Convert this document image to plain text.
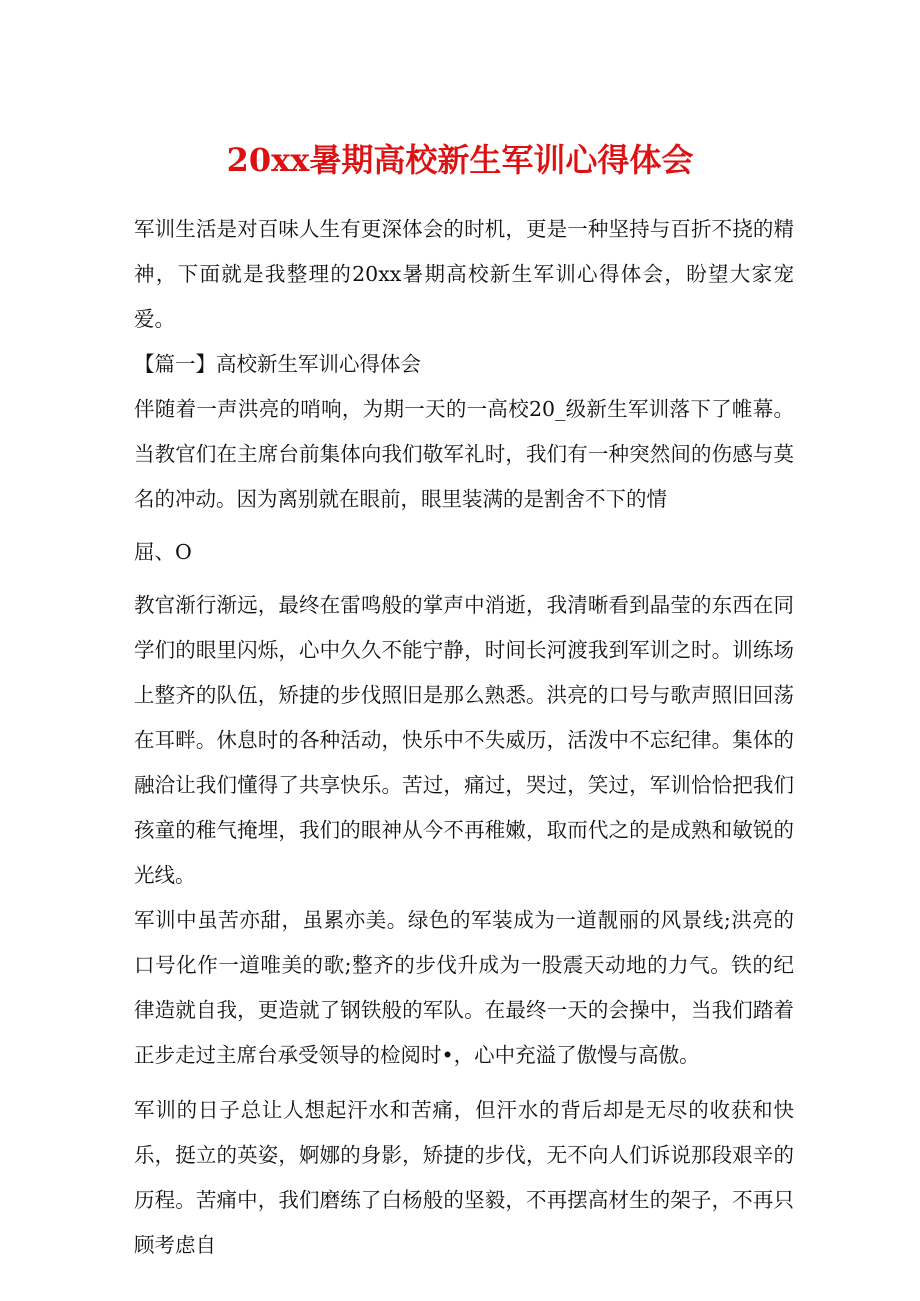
20xx暑期高校新生军训心得体会

军训生活是对百味人生有更深体会的时机，更是一种坚持与百折不挠的精神，下面就是我整理的20xx暑期高校新生军训心得体会，盼望大家宠爱。

【篇一】高校新生军训心得体会

伴随着一声洪亮的哨响，为期一天的一高校20_级新生军训落下了帷幕。当教官们在主席台前集体向我们敬军礼时，我们有一种突然间的伤感与莫名的冲动。因为离别就在眼前，眼里装满的是割舍不下的情

屈、O

教官渐行渐远，最终在雷鸣般的掌声中消逝，我清晰看到晶莹的东西在同学们的眼里闪烁，心中久久不能宁静，时间长河渡我到军训之时。训练场上整齐的队伍，矫捷的步伐照旧是那么熟悉。洪亮的口号与歌声照旧回荡在耳畔。休息时的各种活动，快乐中不失威历，活泼中不忘纪律。集体的融洽让我们懂得了共享快乐。苦过，痛过，哭过，笑过，军训恰恰把我们孩童的稚气掩埋，我们的眼神从今不再稚嫩，取而代之的是成熟和敏锐的光线。

军训中虽苦亦甜，虽累亦美。绿色的军装成为一道靓丽的风景线;洪亮的口号化作一道唯美的歌;整齐的步伐升成为一股震天动地的力气。铁的纪律造就自我，更造就了钢铁般的军队。在最终一天的会操中，当我们踏着正步走过主席台承受领导的检阅时•，心中充溢了傲慢与高傲。

军训的日子总让人想起汗水和苦痛，但汗水的背后却是无尽的收获和快乐，挺立的英姿，婀娜的身影，矫捷的步伐，无不向人们诉说那段艰辛的历程。苦痛中，我们磨练了白杨般的坚毅，不再摆高材生的架子，不再只顾考虑自
